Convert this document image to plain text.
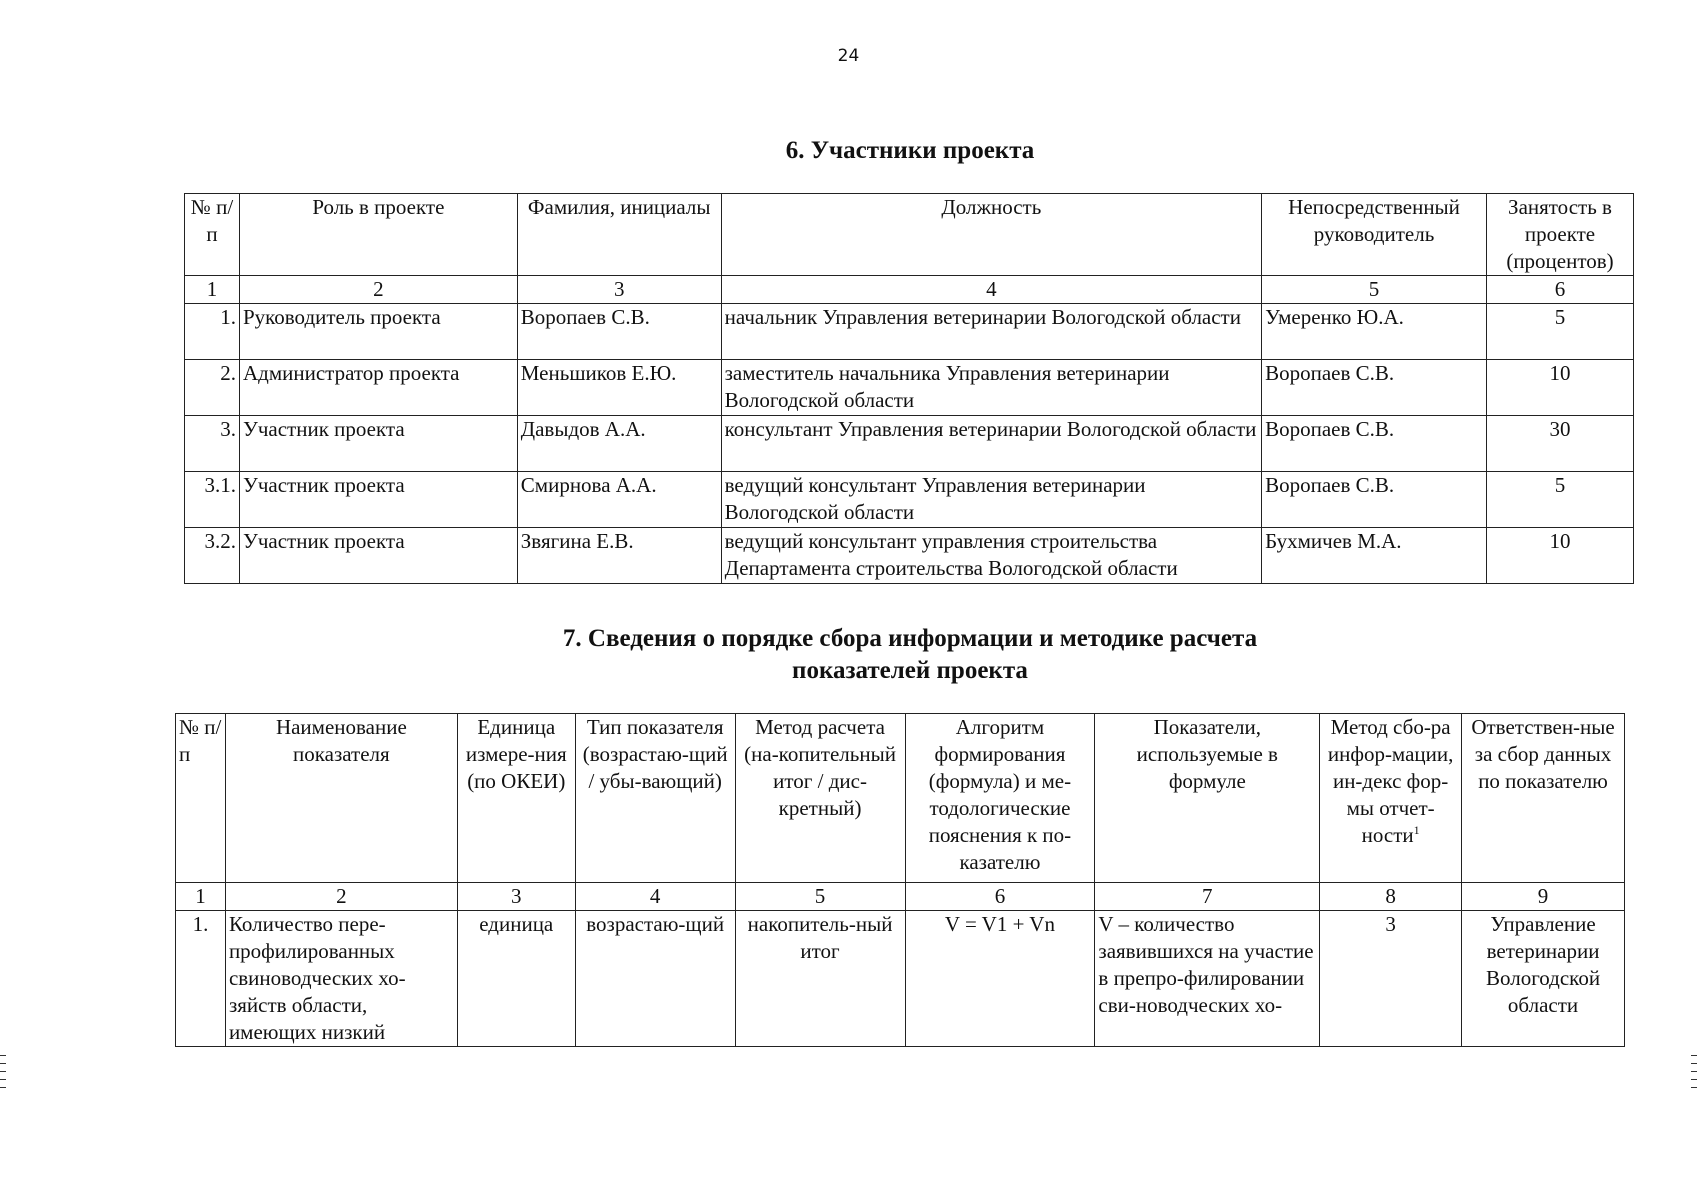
24
6. Участники проекта
№ п/п	Роль в проекте	Фамилия, инициалы	Должность	Непосредственный руководитель	Занятость в проекте (процентов)
1	2	3	4	5	6
1.	Руководитель проекта	Воропаев С.В.	начальник Управления ветеринарии Вологодской области	Умеренко Ю.А.	5
2.	Администратор проекта	Меньшиков Е.Ю.	заместитель начальника Управления ветеринарии Вологодской области	Воропаев С.В.	10
3.	Участник проекта	Давыдов А.А.	консультант Управления ветеринарии Вологодской области	Воропаев С.В.	30
3.1.	Участник проекта	Смирнова А.А.	ведущий консультант Управления ветеринарии Вологодской области	Воропаев С.В.	5
3.2.	Участник проекта	Звягина Е.В.	ведущий консультант управления строительства Департамента строительства Вологодской области	Бухмичев М.А.	10
7. Сведения о порядке сбора информации и методике расчета
показателей проекта
№ п/ п	Наименование показателя	Единица измере-ния (по ОКЕИ)	Тип показателя (возрастаю-щий / убы-вающий)	Метод расчета (на-копительный итог / дис-кретный)	Алгоритм формирования (формула) и ме-тодологические пояснения к по-казателю	Показатели, используемые в формуле	Метод сбо-ра инфор-мации, ин-декс фор-мы отчет-ности$^1$	Ответствен-ные за сбор данных по показателю
1	2	3	4	5	6	7	8	9
1.	Количество пере-профилированных свиноводческих хо-зяйств области, имеющих низкий	единица	возрастаю-щий	накопитель-ный итог	V = V1 + Vn	V – количество заявившихся на участие в препро-филировании сви-новодческих хо-	3	Управление ветеринарии Вологодской области
